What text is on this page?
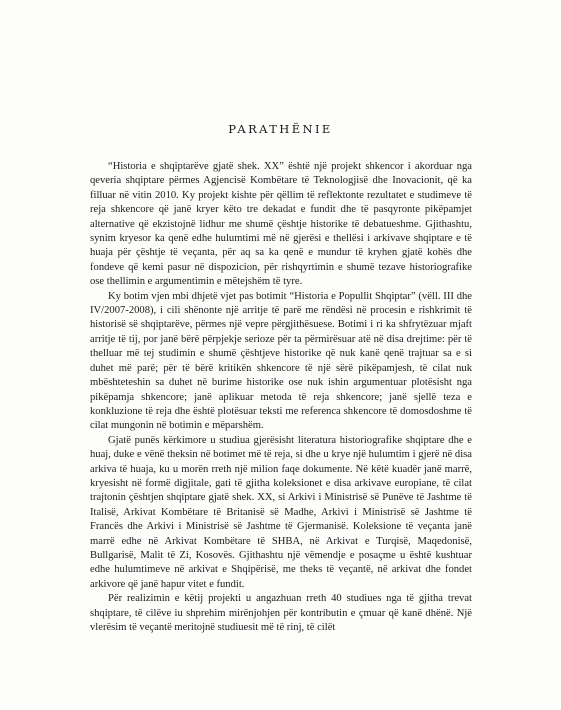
PARATHËNIE

“Historia e shqiptarëve gjatë shek. XX” është një projekt shkencor i akorduar nga qeveria shqiptare përmes Agjencisë Kombëtare të Teknologjisë dhe Inovacionit, që ka filluar në vitin 2010. Ky projekt kishte për qëllim të reflektonte rezultatet e studimeve të reja shkencore që janë kryer këto tre dekadat e fundit dhe të pasqyronte pikëpamjet alternative që ekzistojnë lidhur me shumë çështje historike të debatueshme. Gjithashtu, synim kryesor ka qenë edhe hulumtimi më në gjerësi e thellësi i arkivave shqiptare e të huaja për çështje të veçanta, për aq sa ka qenë e mundur të kryhen gjatë kohës dhe fondeve që kemi pasur në dispozicion, për rishqyrtimin e shumë tezave historiografike ose thellimin e argumentimin e mëtejshëm të tyre.

Ky botim vjen mbi dhjetë vjet pas botimit “Historia e Popullit Shqiptar” (vëll. III dhe IV/2007-2008), i cili shënonte një arritje të parë me rëndësi në procesin e rishkrimit të historisë së shqiptarëve, përmes një vepre përgjithësuese. Botimi i ri ka shfrytëzuar mjaft arritje të tij, por janë bërë përpjekje serioze për ta përmirësuar atë në disa drejtime: për të thelluar më tej studimin e shumë çështjeve historike që nuk kanë qenë trajtuar sa e si duhet më parë; për të bërë kritikën shkencore të një sërë pikëpamjesh, të cilat nuk mbështeteshin sa duhet në burime historike ose nuk ishin argumentuar plotësisht nga pikëpamja shkencore; janë aplikuar metoda të reja shkencore; janë sjellë teza e konkluzione të reja dhe është plotësuar teksti me referenca shkencore të domosdoshme të cilat mungonin në botimin e mëparshëm.

Gjatë punës kërkimore u studiua gjerësisht literatura historiografike shqiptare dhe e huaj, duke e vënë theksin në botimet më të reja, si dhe u krye një hulumtim i gjerë në disa arkiva të huaja, ku u morën rreth një milion faqe dokumente. Në këtë kuadër janë marrë, kryesisht në formë digjitale, gati të gjitha koleksionet e disa arkivave europiane, të cilat trajtonin çështjen shqiptare gjatë shek. XX, si Arkivi i Ministrisë së Punëve të Jashtme të Italisë, Arkivat Kombëtare të Britanisë së Madhe, Arkivi i Ministrisë së Jashtme të Francës dhe Arkivi i Ministrisë së Jashtme të Gjermanisë. Koleksione të veçanta janë marrë edhe në Arkivat Kombëtare të SHBA, në Arkivat e Turqisë, Maqedonisë, Bullgarisë, Malit të Zi, Kosovës. Gjithashtu një vëmendje e posaçme u është kushtuar edhe hulumtimeve në arkivat e Shqipërisë, me theks të veçantë, në arkivat dhe fondet arkivore që janë hapur vitet e fundit.

Për realizimin e këtij projekti u angazhuan rreth 40 studiues nga të gjitha trevat shqiptare, të cilëve iu shprehim mirënjohjen për kontributin e çmuar që kanë dhënë. Një vlerësim të veçantë meritojnë studiuesit më të rinj, të cilët
